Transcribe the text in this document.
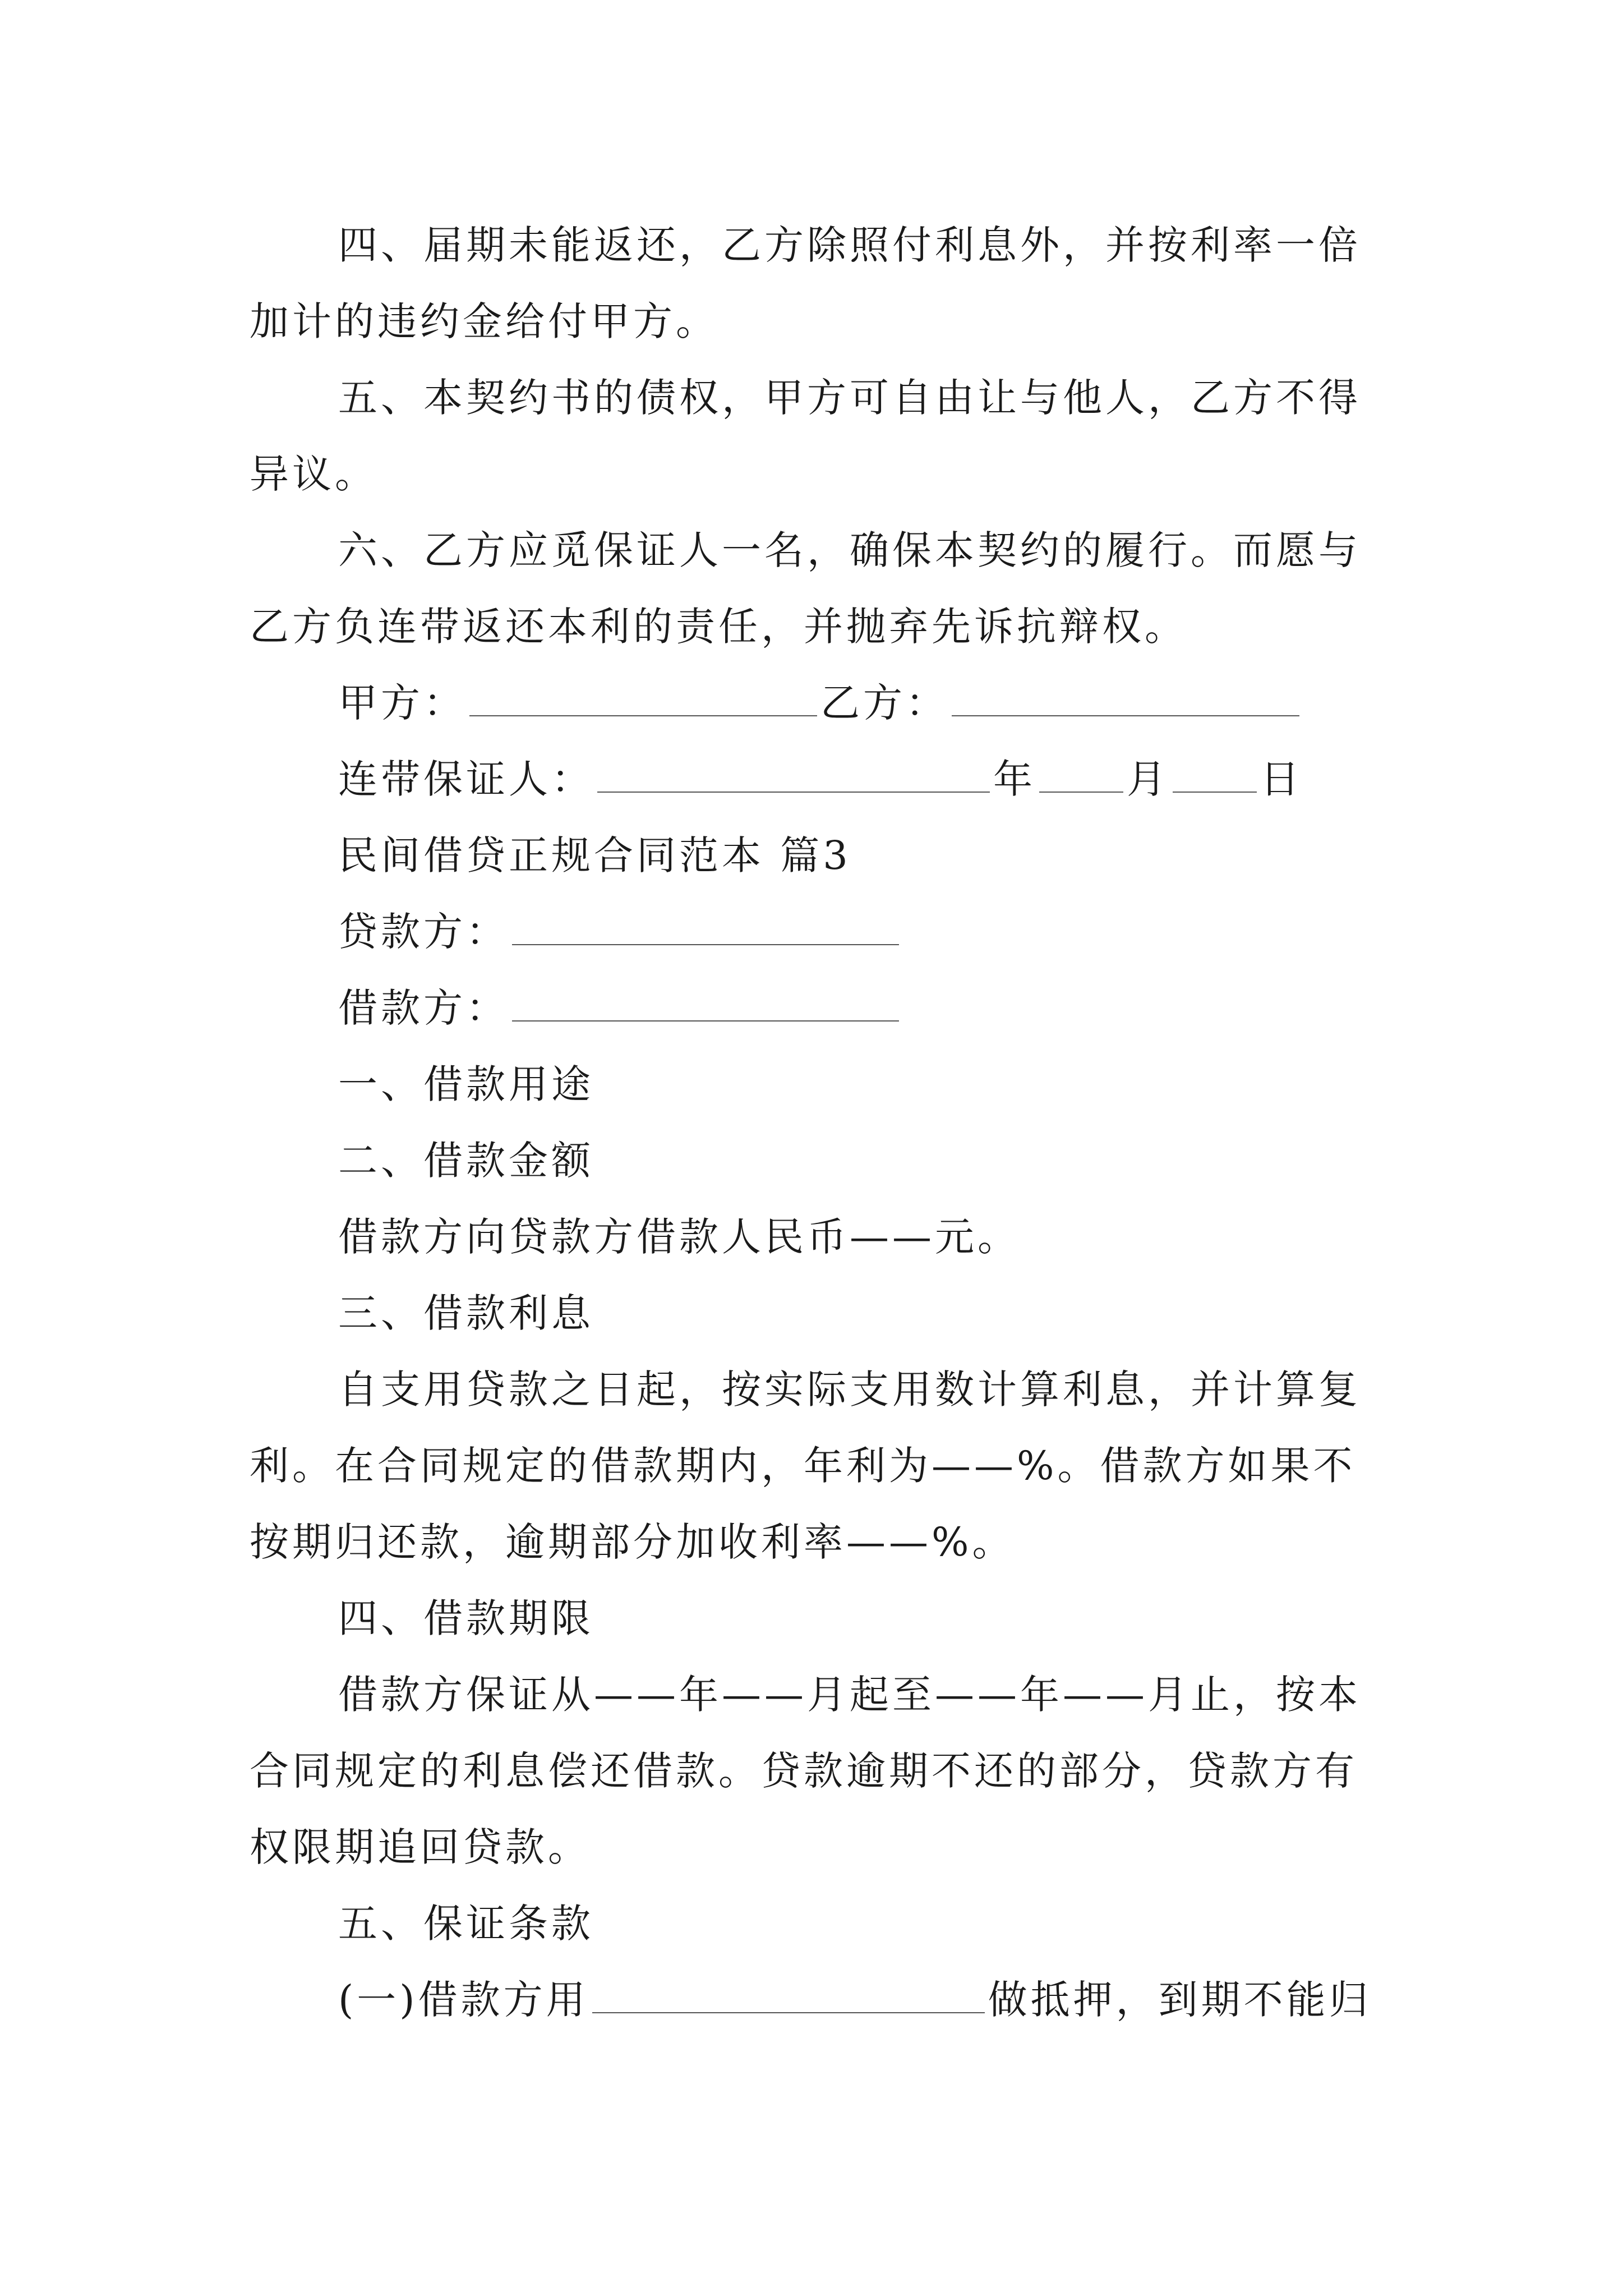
四、届期未能返还，乙方除照付利息外，并按利率一倍
加计的违约金给付甲方。
五、本契约书的债权，甲方可自由让与他人，乙方不得
异议。
六、乙方应觅保证人一名，确保本契约的履行。而愿与
乙方负连带返还本利的责任，并抛弃先诉抗辩权。
甲方：	乙方：
连带保证人：	年 月 日
民间借贷正规合同范本 篇3
贷款方：
借款方：
一、借款用途
二、借款金额
借款方向贷款方借款人民币——元。
三、借款利息
自支用贷款之日起，按实际支用数计算利息，并计算复
利。在合同规定的借款期内，年利为——%。借款方如果不
按期归还款，逾期部分加收利率——%。
四、借款期限
借款方保证从——年——月起至——年——月止，按本
合同规定的利息偿还借款。贷款逾期不还的部分，贷款方有
权限期追回贷款。
五、保证条款
(一)借款方用	做抵押，到期不能归
